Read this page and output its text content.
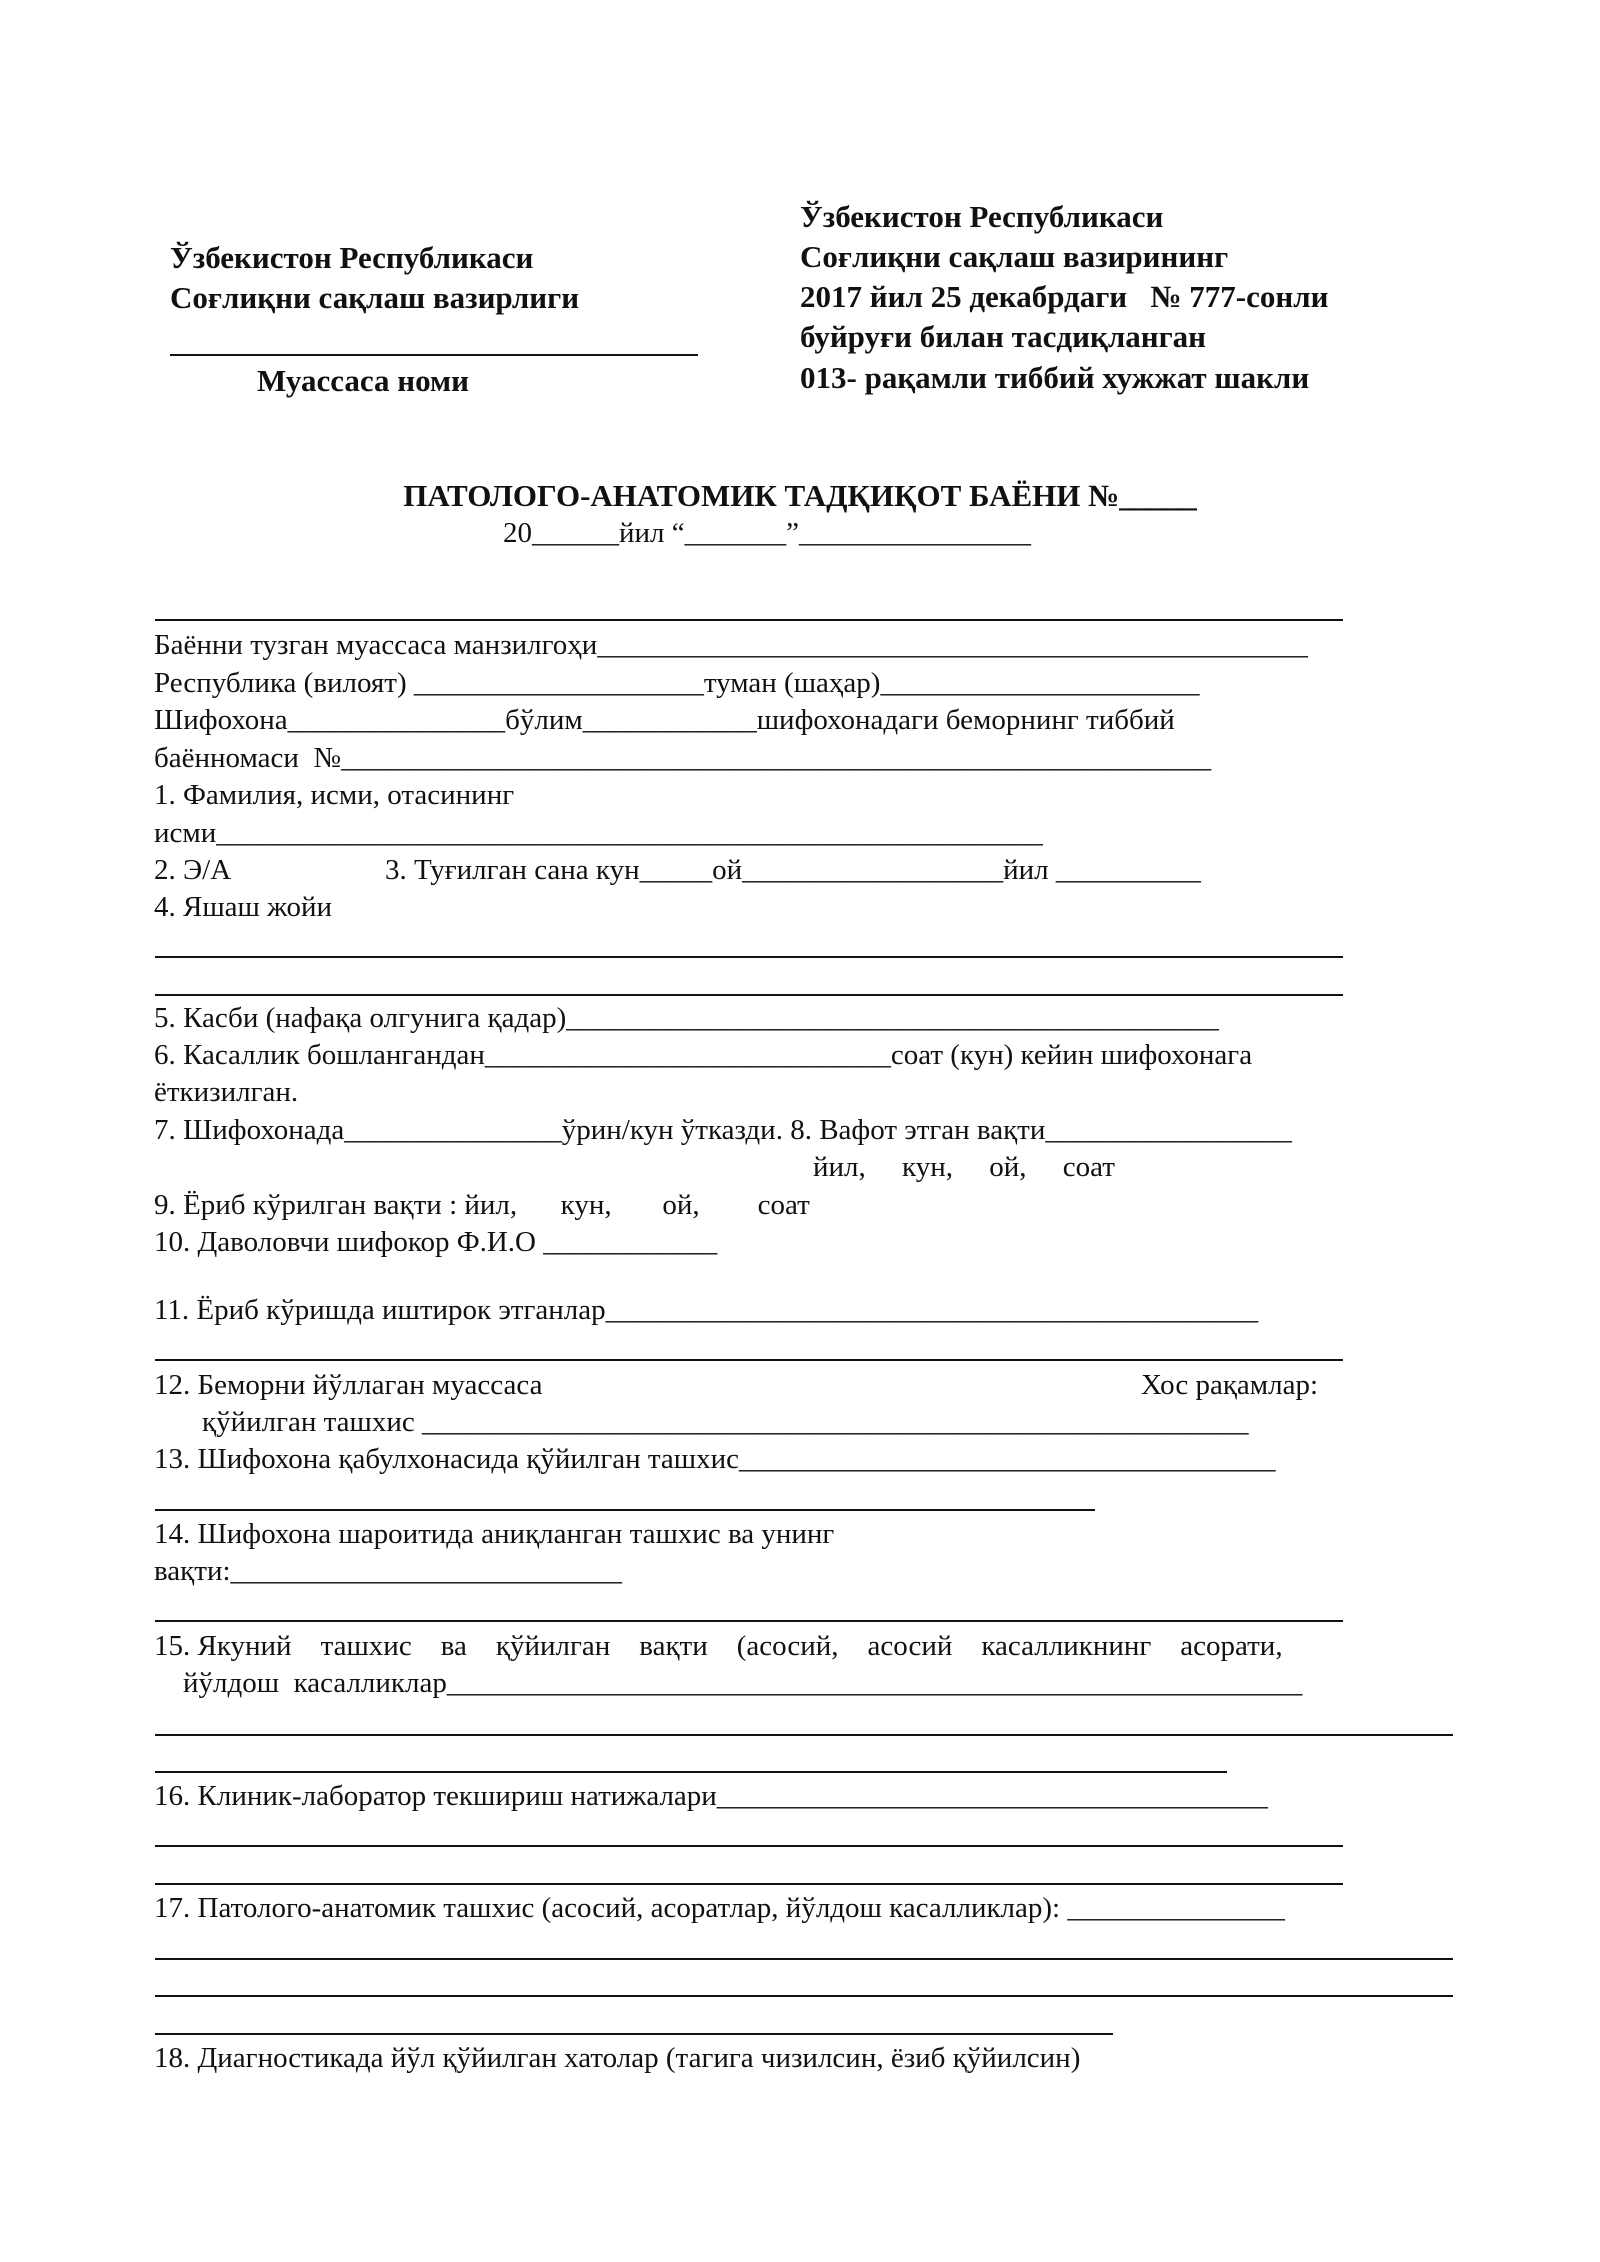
Ўзбекистон Республикаси
Соғлиқни сақлаш вазирлиги
Муассаса номи
Ўзбекистон Республикаси
Соғлиқни сақлаш вазирининг
2017 йил 25 декабрдаги   № 777-сонли
буйруғи билан тасдиқланган
013- рақамли тиббий хужжат шакли
ПАТОЛОГО-АНАТОМИК ТАДҚИҚОТ БАЁНИ №_____
20______йил “_______”________________
Баённи тузган муассаса манзилгоҳи_________________________________________________
Республика (вилоят) ____________________туман (шаҳар)______________________
Шифохона_______________бўлим____________шифохонадаги беморнинг тиббий
баённомаси  №____________________________________________________________
1. Фамилия, исми, отасининг
исми_________________________________________________________
2. Э/А	3. Туғилган сана кун_____ой__________________йил __________
4. Яшаш жойи
5. Касби (нафақа олгунига қадар)_____________________________________________
6. Касаллик бошлангандан____________________________соат (кун) кейин шифохонага
ёткизилган.
7. Шифохонада_______________ўрин/кун ўтказди. 8. Вафот этган вақти_________________
йил,     кун,     ой,     соат
9. Ёриб кўрилган вақти : йил,      кун,       ой,        соат
10. Даволовчи шифокор Ф.И.О ____________
11. Ёриб кўришда иштирок этганлар_____________________________________________
12. Беморни йўллаган муассаса	Хос рақамлар:
қўйилган ташхис _________________________________________________________
13. Шифохона қабулхонасида қўйилган ташхис_____________________________________
14. Шифохона шароитида аниқланган ташхис ва унинг
вақти:___________________________
15. Якуний    ташхис    ва    қўйилган    вақти    (асосий,    асосий    касалликнинг    асорати,
йўлдош  касалликлар___________________________________________________________
16. Клиник-лаборатор текшириш натижалари______________________________________
17. Патолого-анатомик ташхис (асосий, асоратлар, йўлдош касалликлар): _______________
18. Диагностикада йўл қўйилган хатолар (тагига чизилсин, ёзиб қўйилсин)
